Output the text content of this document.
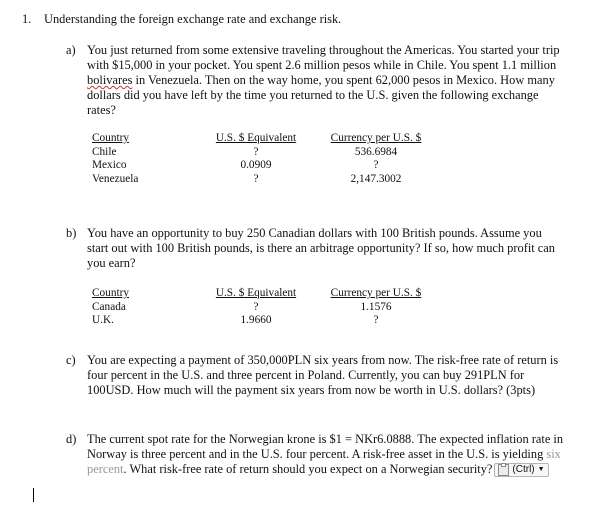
1. Understanding the foreign exchange rate and exchange risk.
a) You just returned from some extensive traveling throughout the Americas. You started your trip with $15,000 in your pocket. You spent 2.6 million pesos while in Chile. You spent 1.1 million bolivares in Venezuela. Then on the way home, you spent 62,000 pesos in Mexico. How many dollars did you have left by the time you returned to the U.S. given the following exchange rates?
Country	U.S. $ Equivalent	Currency per U.S. $
Chile	?	536.6984
Mexico	0.0909	?
Venezuela	?	2,147.3002
b) You have an opportunity to buy 250 Canadian dollars with 100 British pounds. Assume you start out with 100 British pounds, is there an arbitrage opportunity? If so, how much profit can you earn?
Country	U.S. $ Equivalent	Currency per U.S. $
Canada	?	1.1576
U.K.	1.9660	?
c) You are expecting a payment of 350,000PLN six years from now. The risk-free rate of return is four percent in the U.S. and three percent in Poland. Currently, you can buy 291PLN for 100USD. How much will the payment six years from now be worth in U.S. dollars? (3pts)
d) The current spot rate for the Norwegian krone is $1 = NKr6.0888. The expected inflation rate in Norway is three percent and in the U.S. four percent. A risk-free asset in the U.S. is yielding six percent. What risk-free rate of return should you expect on a Norwegian security? (Ctrl) ▼
